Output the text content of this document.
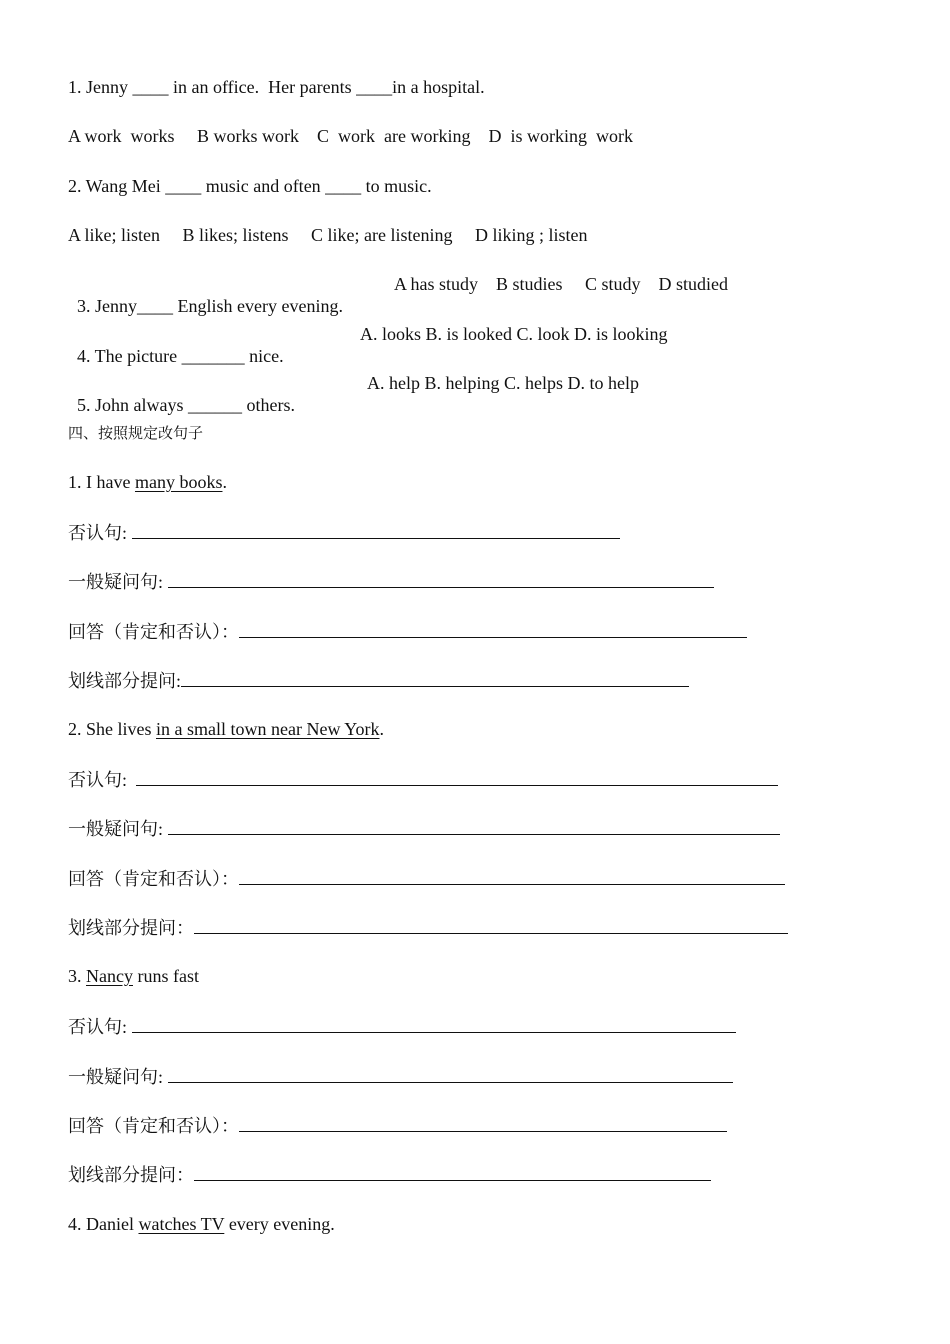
1. Jenny ____ in an office.  Her parents ____in a hospital.
A work  works     B works work    C  work  are working    D  is working  work
2. Wang Mei ____ music and often ____ to music.
A like; listen     B likes; listens     C like; are listening     D liking ; listen

3. Jenny____ English every evening.

A has study    B studies     C study    D studied

4. The picture _______ nice.

A. looks B. is looked C. look D. is looking

5. John always ______ others.

A. help B. helping C. helps D. to help

四、按照规定改句子
1. I have many books.
否认句:
一般疑问句:
回答（肯定和否认）：
划线部分提问:
2. She lives in a small town near New York.
否认句:
一般疑问句:
回答（肯定和否认）：
划线部分提问：
3. Nancy runs fast
否认句:
一般疑问句:
回答（肯定和否认）：
划线部分提问：
4. Daniel watches TV every evening.
